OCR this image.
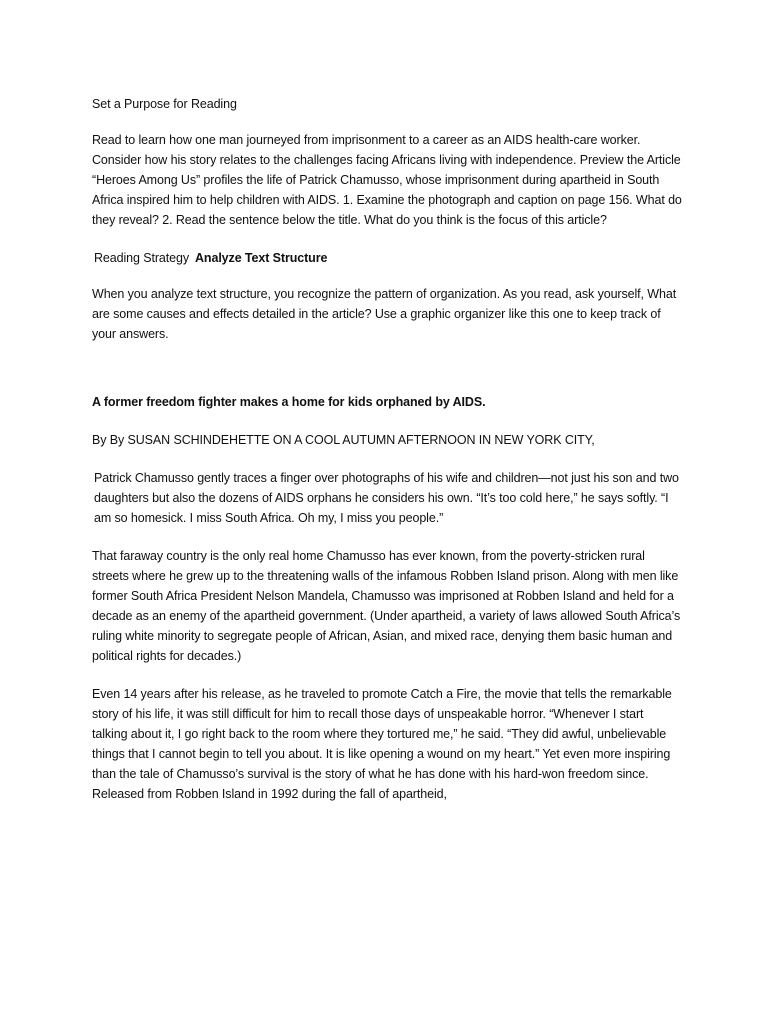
Set a Purpose for Reading

Read to learn how one man journeyed from imprisonment to a career as an AIDS health-care worker. Consider how his story relates to the challenges facing Africans living with independence. Preview the Article “Heroes Among Us” profiles the life of Patrick Chamusso, whose imprisonment during apartheid in South Africa inspired him to help children with AIDS. 1. Examine the photograph and caption on page 156. What do they reveal? 2. Read the sentence below the title. What do you think is the focus of this article?

Reading Strategy Analyze Text Structure

When you analyze text structure, you recognize the pattern of organization. As you read, ask yourself, What are some causes and effects detailed in the article? Use a graphic organizer like this one to keep track of your answers.

A former freedom fighter makes a home for kids orphaned by AIDS.

By By SUSAN SCHINDEHETTE ON A COOL AUTUMN AFTERNOON IN NEW YORK CITY,

Patrick Chamusso gently traces a finger over photographs of his wife and children—not just his son and two daughters but also the dozens of AIDS orphans he considers his own. “It’s too cold here,” he says softly. “I am so homesick. I miss South Africa. Oh my, I miss you people.”

That faraway country is the only real home Chamusso has ever known, from the poverty-stricken rural streets where he grew up to the threatening walls of the infamous Robben Island prison. Along with men like former South Africa President Nelson Mandela, Chamusso was imprisoned at Robben Island and held for a decade as an enemy of the apartheid government. (Under apartheid, a variety of laws allowed South Africa’s ruling white minority to segregate people of African, Asian, and mixed race, denying them basic human and political rights for decades.)

Even 14 years after his release, as he traveled to promote Catch a Fire, the movie that tells the remarkable story of his life, it was still difficult for him to recall those days of unspeakable horror. “Whenever I start talking about it, I go right back to the room where they tortured me,” he said. “They did awful, unbelievable things that I cannot begin to tell you about. It is like opening a wound on my heart.” Yet even more inspiring than the tale of Chamusso’s survival is the story of what he has done with his hard-won freedom since. Released from Robben Island in 1992 during the fall of apartheid,
